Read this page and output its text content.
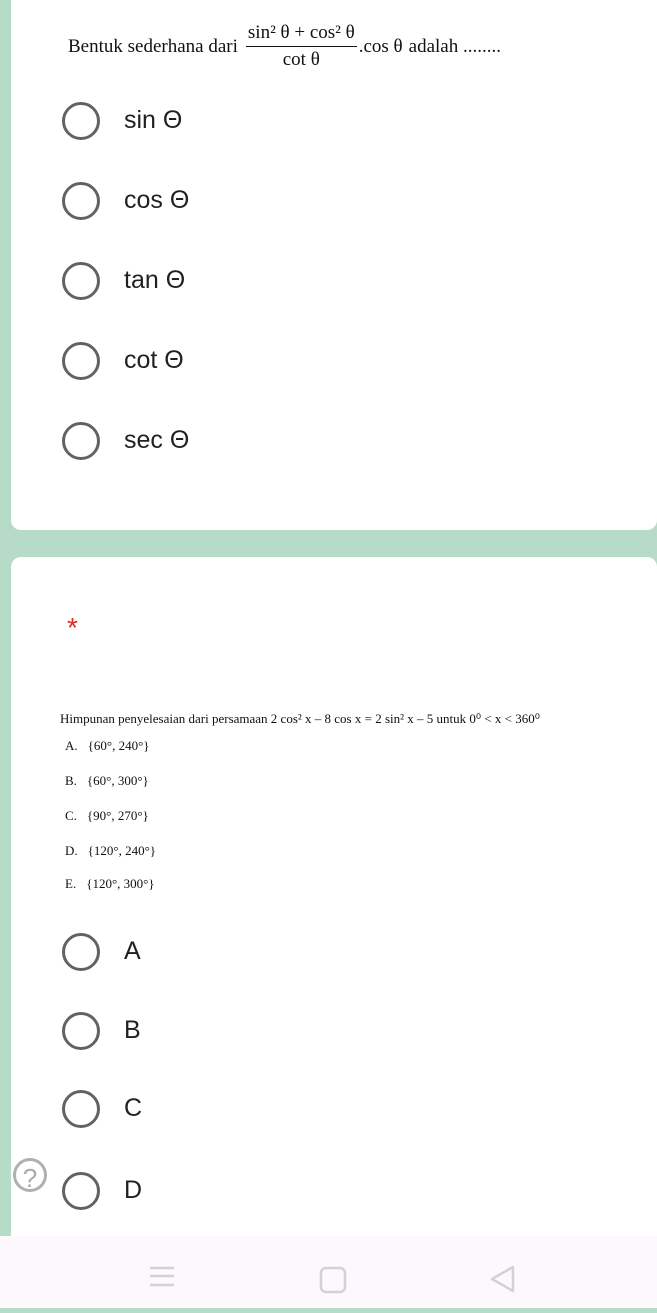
Bentuk sederhana dari $\frac{\text{sin² θ + cos² θ}}{\text{cot θ}} .\cos$ θ adalah ........
sin Θ
cos Θ
tan Θ
cot Θ
sec Θ
*
Himpunan penyelesaian dari persamaan 2 cos² x – 8 cos x = 2 sin² x – 5 untuk 0⁰ < x < 360⁰
A. {60°, 240°}
B. {60°, 300°}
C. {90°, 270°}
D. {120°, 240°}
E. {120°, 300°}
A
B
C
D
?
